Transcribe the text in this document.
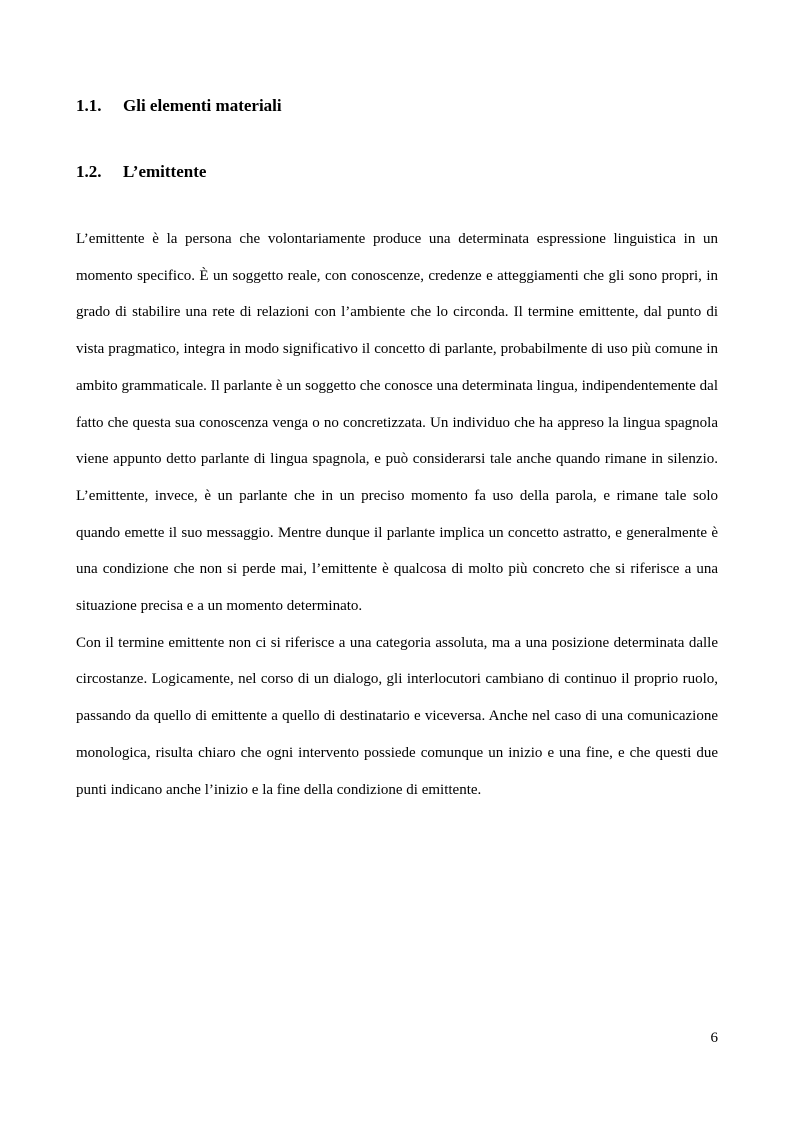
1.1. Gli elementi materiali
1.2. L’emittente

L’emittente è la persona che volontariamente produce una determinata espressione linguistica in un momento specifico. È un soggetto reale, con conoscenze, credenze e atteggiamenti che gli sono propri, in grado di stabilire una rete di relazioni con l’ambiente che lo circonda. Il termine emittente, dal punto di vista pragmatico, integra in modo significativo il concetto di parlante, probabilmente di uso più comune in ambito grammaticale. Il parlante è un soggetto che conosce una determinata lingua, indipendentemente dal fatto che questa sua conoscenza venga o no concretizzata. Un individuo che ha appreso la lingua spagnola viene appunto detto parlante di lingua spagnola, e può considerarsi tale anche quando rimane in silenzio. L’emittente, invece, è un parlante che in un preciso momento fa uso della parola, e rimane tale solo quando emette il suo messaggio. Mentre dunque il parlante implica un concetto astratto, e generalmente è una condizione che non si perde mai, l’emittente è qualcosa di molto più concreto che si riferisce a una situazione precisa e a un momento determinato.

Con il termine emittente non ci si riferisce a una categoria assoluta, ma a una posizione determinata dalle circostanze. Logicamente, nel corso di un dialogo, gli interlocutori cambiano di continuo il proprio ruolo, passando da quello di emittente a quello di destinatario e viceversa. Anche nel caso di una comunicazione monologica, risulta chiaro che ogni intervento possiede comunque un inizio e una fine, e che questi due punti indicano anche l’inizio e la fine della condizione di emittente.

6
